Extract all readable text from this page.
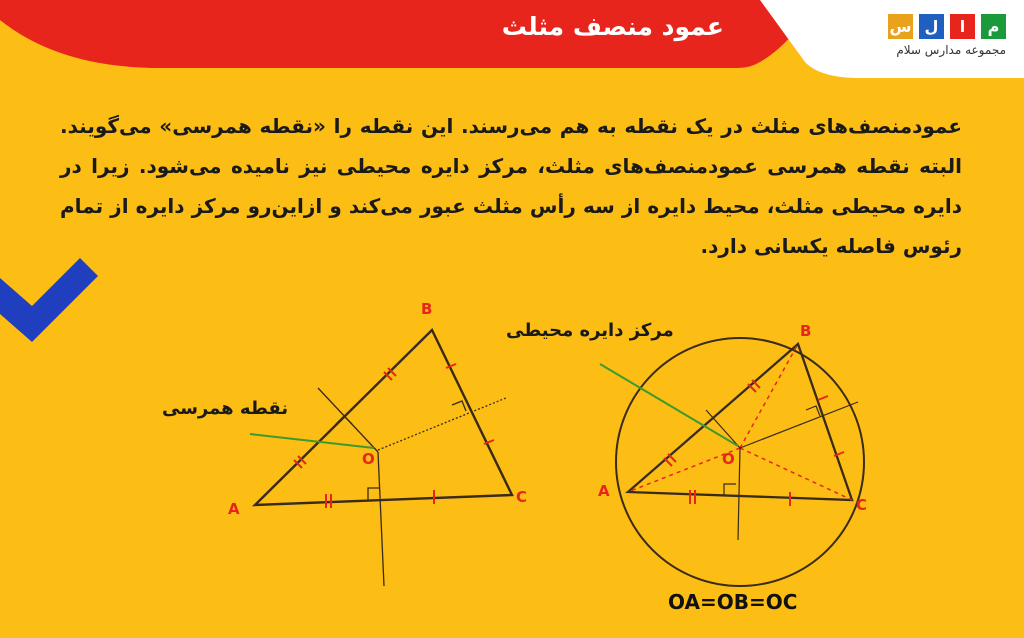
عمود منصف مثلث	س ل	ا	م
مجموعه مدارس سلام
عمودمنصف‌های مثلث در یک نقطه به هم می‌رسند. این نقطه را «نقطه همرسی» می‌گویند. البته نقطه همرسی عمودمنصف‌های مثلث، مرکز دایره محیطی نیز نامیده می‌شود. زیرا در دایره محیطی مثلث، محیط دایره از سه رأس مثلث عبور می‌کند و ازاین‌رو مرکز دایره از تمام رئوس فاصله یکسانی دارد.
نقطه همرسی
A
B
C
O
مرکز دایره محیطی
A
B
C
O
OA=OB=OC
